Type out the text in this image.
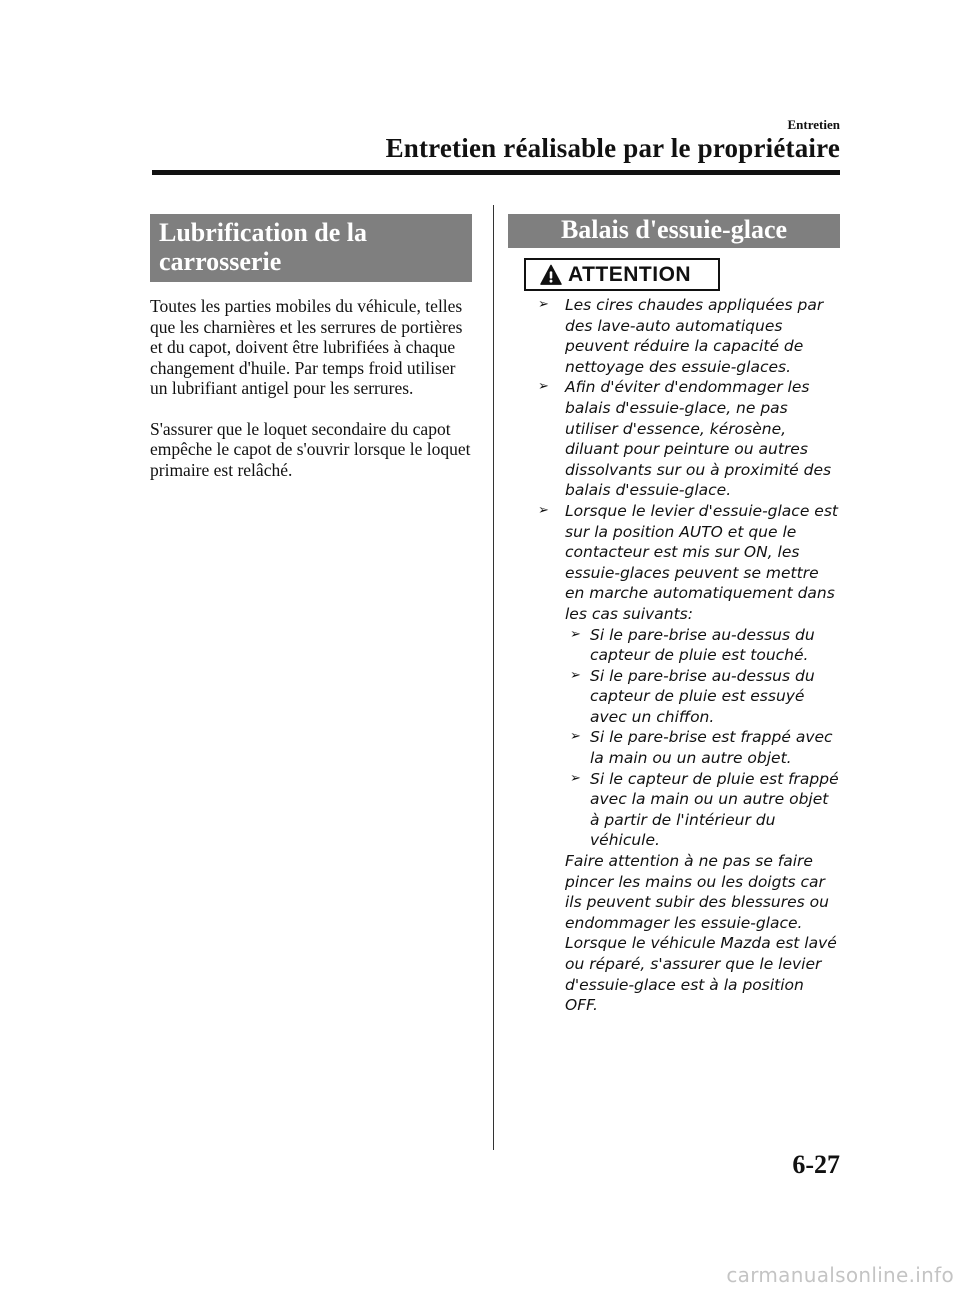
Entretien
Entretien réalisable par le propriétaire
Lubrification de la carrosserie

Toutes les parties mobiles du véhicule, telles que les charnières et les serrures de portières et du capot, doivent être lubrifiées à chaque changement d'huile. Par temps froid utiliser un lubrifiant antigel pour les serrures.

S'assurer que le loquet secondaire du capot empêche le capot de s'ouvrir lorsque le loquet primaire est relâché.

Balais d'essuie-glace
ATTENTION
➢ Les cires chaudes appliquées par des lave-auto automatiques peuvent réduire la capacité de nettoyage des essuie-glaces.
➢ Afin d'éviter d'endommager les balais d'essuie-glace, ne pas utiliser d'essence, kérosène, diluant pour peinture ou autres dissolvants sur ou à proximité des balais d'essuie-glace.
➢ Lorsque le levier d'essuie-glace est sur la position AUTO et que le contacteur est mis sur ON, les essuie-glaces peuvent se mettre en marche automatiquement dans les cas suivants:
➢ Si le pare-brise au-dessus du capteur de pluie est touché.
➢ Si le pare-brise au-dessus du capteur de pluie est essuyé avec un chiffon.
➢ Si le pare-brise est frappé avec la main ou un autre objet.
➢ Si le capteur de pluie est frappé avec la main ou un autre objet à partir de l'intérieur du véhicule.

Faire attention à ne pas se faire pincer les mains ou les doigts car ils peuvent subir des blessures ou endommager les essuie-glace. Lorsque le véhicule Mazda est lavé ou réparé, s'assurer que le levier d'essuie-glace est à la position OFF.

6-27
carmanualsonline.info
